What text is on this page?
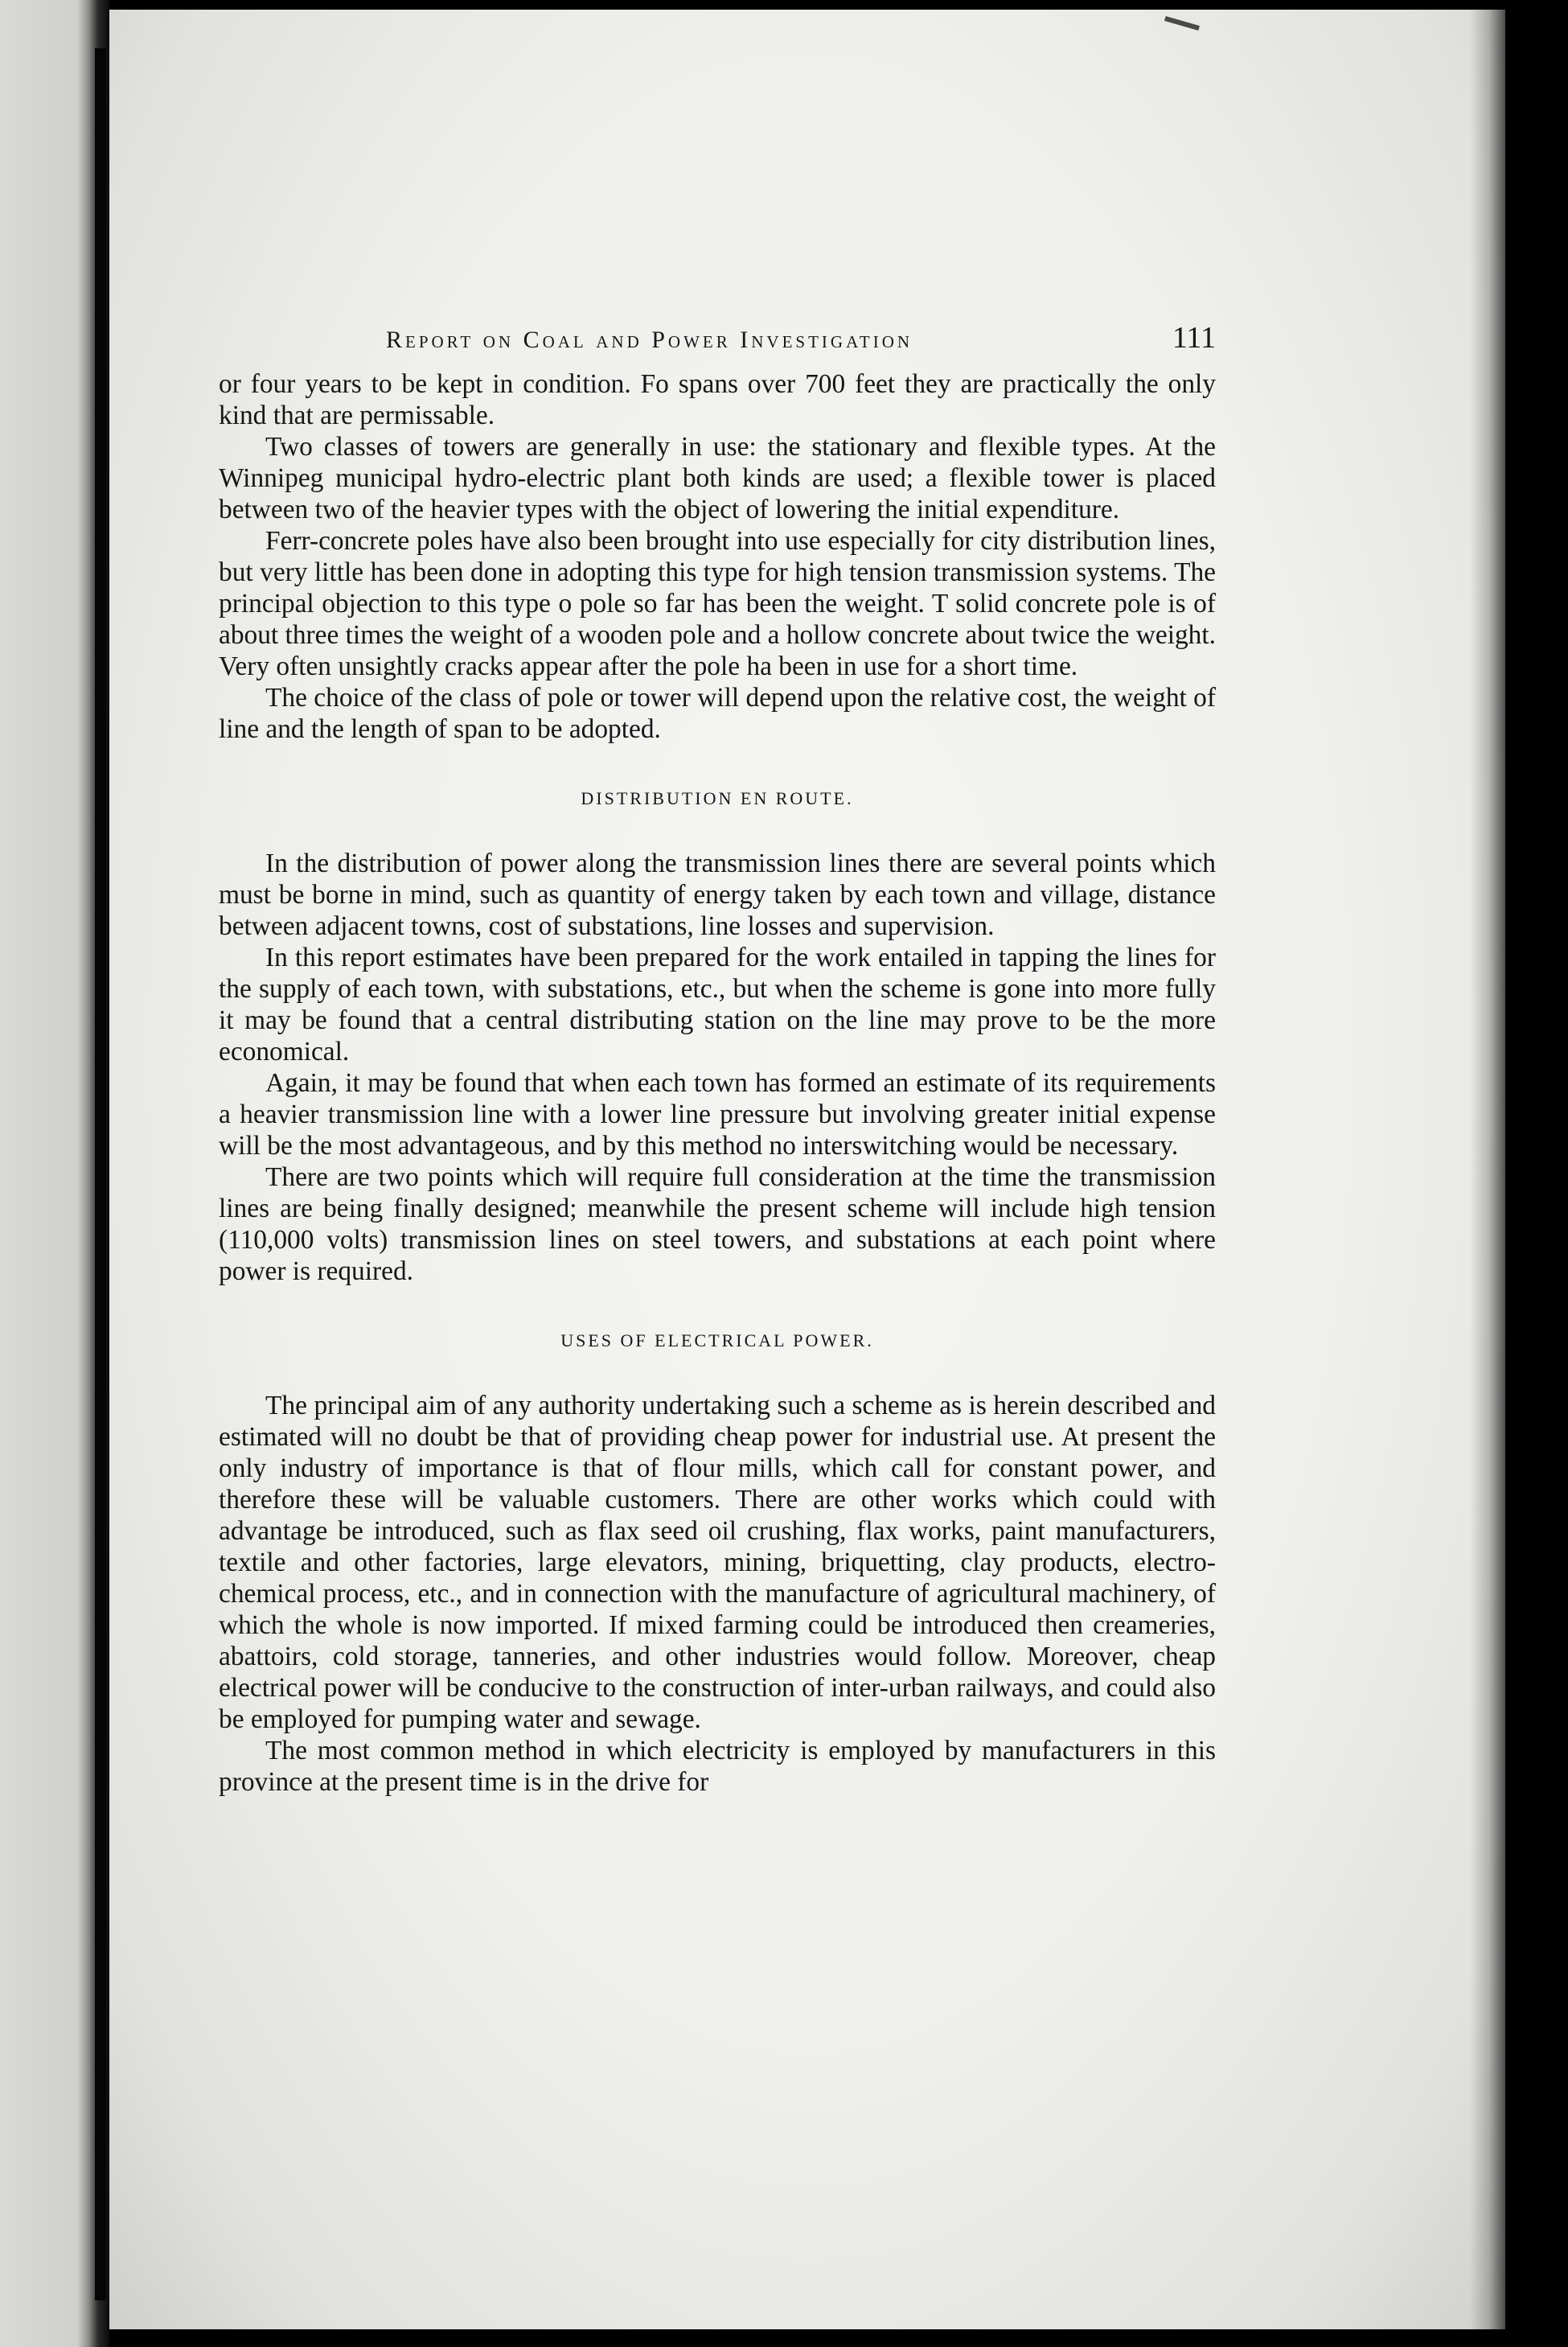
Report on Coal and Power Investigation	111

or four years to be kept in condition. Fo spans over 700 feet they are practically the only kind that are permissable.

Two classes of towers are generally in use: the stationary and flexible types. At the Winnipeg municipal hydro-electric plant both kinds are used; a flexible tower is placed between two of the heavier types with the object of lowering the initial expenditure.

Ferr-concrete poles have also been brought into use especially for city distribution lines, but very little has been done in adopting this type for high tension transmission systems. The principal objection to this type o pole so far has been the weight. T solid concrete pole is of about three times the weight of a wooden pole and a hollow concrete about twice the weight. Very often unsightly cracks appear after the pole ha been in use for a short time.

The choice of the class of pole or tower will depend upon the relative cost, the weight of line and the length of span to be adopted.

DISTRIBUTION EN ROUTE.

In the distribution of power along the transmission lines there are several points which must be borne in mind, such as quantity of energy taken by each town and village, distance between adjacent towns, cost of substations, line losses and supervision.

In this report estimates have been prepared for the work entailed in tapping the lines for the supply of each town, with substations, etc., but when the scheme is gone into more fully it may be found that a central distributing station on the line may prove to be the more economical.

Again, it may be found that when each town has formed an estimate of its requirements a heavier transmission line with a lower line pressure but involving greater initial expense will be the most advantageous, and by this method no interswitching would be necessary.

There are two points which will require full consideration at the time the transmission lines are being finally designed; meanwhile the present scheme will include high tension (110,000 volts) transmission lines on steel towers, and substations at each point where power is required.

USES OF ELECTRICAL POWER.

The principal aim of any authority undertaking such a scheme as is herein described and estimated will no doubt be that of providing cheap power for industrial use. At present the only industry of importance is that of flour mills, which call for constant power, and therefore these will be valuable customers. There are other works which could with advantage be introduced, such as flax seed oil crushing, flax works, paint manufacturers, textile and other factories, large elevators, mining, briquetting, clay products, electro-chemical process, etc., and in connection with the manufacture of agricultural machinery, of which the whole is now imported. If mixed farming could be introduced then creameries, abattoirs, cold storage, tanneries, and other industries would follow. Moreover, cheap electrical power will be conducive to the construction of inter-urban railways, and could also be employed for pumping water and sewage.

The most common method in which electricity is employed by manufacturers in this province at the present time is in the drive for
